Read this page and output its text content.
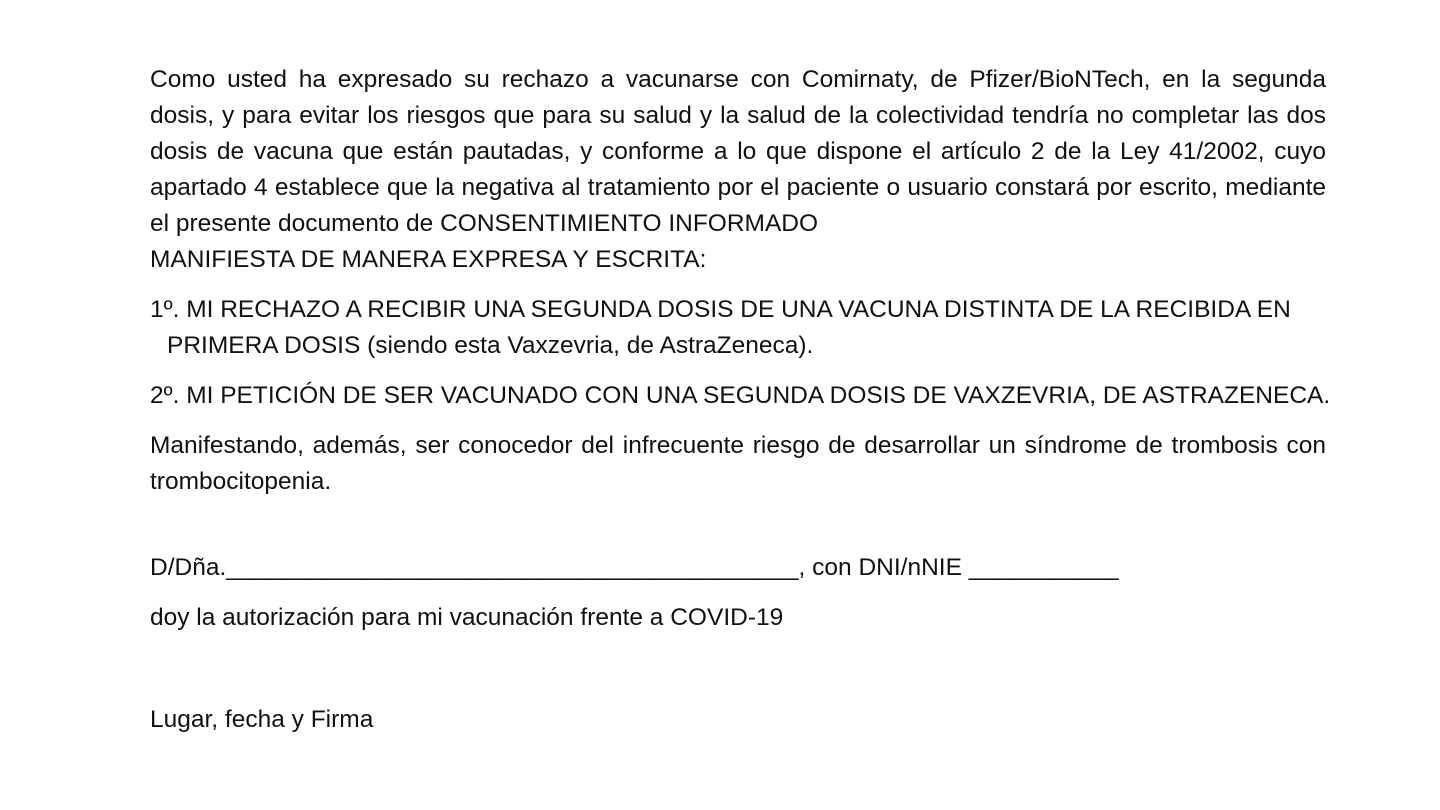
Como usted ha expresado su rechazo a vacunarse con Comirnaty, de Pfizer/BioNTech, en la segunda dosis, y para evitar los riesgos que para su salud y la salud de la colectividad tendría no completar las dos dosis de vacuna que están pautadas, y conforme a lo que dispone el artículo 2 de la Ley 41/2002, cuyo apartado 4 establece que la negativa al tratamiento por el paciente o usuario constará por escrito, mediante el presente documento de CONSENTIMIENTO INFORMADO

MANIFIESTA DE MANERA EXPRESA Y ESCRITA:

1º. MI RECHAZO A RECIBIR UNA SEGUNDA DOSIS DE UNA VACUNA DISTINTA DE LA RECIBIDA EN
PRIMERA DOSIS (siendo esta Vaxzevria, de AstraZeneca).

2º. MI PETICIÓN DE SER VACUNADO CON UNA SEGUNDA DOSIS DE VAXZEVRIA, DE ASTRAZENECA.

Manifestando, además, ser conocedor del infrecuente riesgo de desarrollar un síndrome de trombosis con trombocitopenia.

D/Dña.__________________________________________, con DNI/nNIE ___________

doy la autorización para mi vacunación frente a COVID-19

Lugar, fecha y Firma
